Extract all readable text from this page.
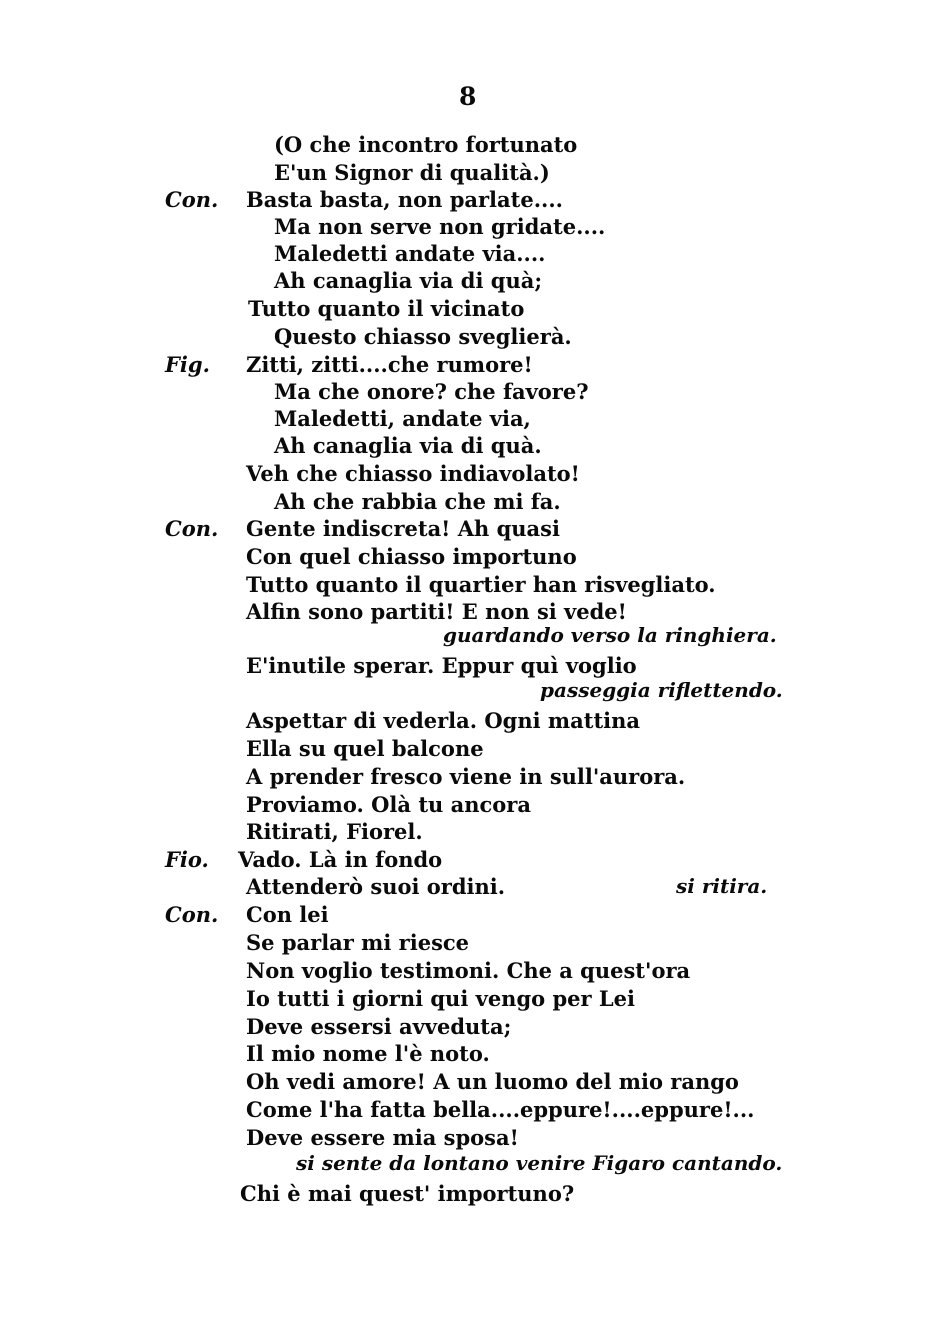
8
(O che incontro fortunato
E'un Signor di qualità.)
Con. Basta basta, non parlate....
Ma non serve non gridate....
Maledetti andate via....
Ah canaglia via di quà;
Tutto quanto il vicinato
Questo chiasso sveglierà.
Fig. Zitti, zitti....che rumore!
Ma che onore? che favore?
Maledetti, andate via,
Ah canaglia via di quà.
Veh che chiasso indiavolato!
Ah che rabbia che mi fa.
Con. Gente indiscreta! Ah quasi
Con quel chiasso importuno
Tutto quanto il quartier han risvegliato.
Alfin sono partiti! E non si vede!
guardando verso la ringhiera.
E'inutile sperar. Eppur quì voglio
passeggia riflettendo.
Aspettar di vederla. Ogni mattina
Ella su quel balcone
A prender fresco viene in sull'aurora.
Proviamo. Olà tu ancora
Ritirati, Fiorel.
Fio. Vado. Là in fondo
Attenderò suoi ordini.	si ritira.
Con. Con lei
Se parlar mi riesce
Non voglio testimoni. Che a quest'ora
Io tutti i giorni qui vengo per Lei
Deve essersi avveduta;
Il mio nome l'è noto.
Oh vedi amore! A un luomo del mio rango
Come l'ha fatta bella....eppure!....eppure!...
Deve essere mia sposa!
si sente da lontano venire Figaro cantando.
Chi è mai quest' importuno?
